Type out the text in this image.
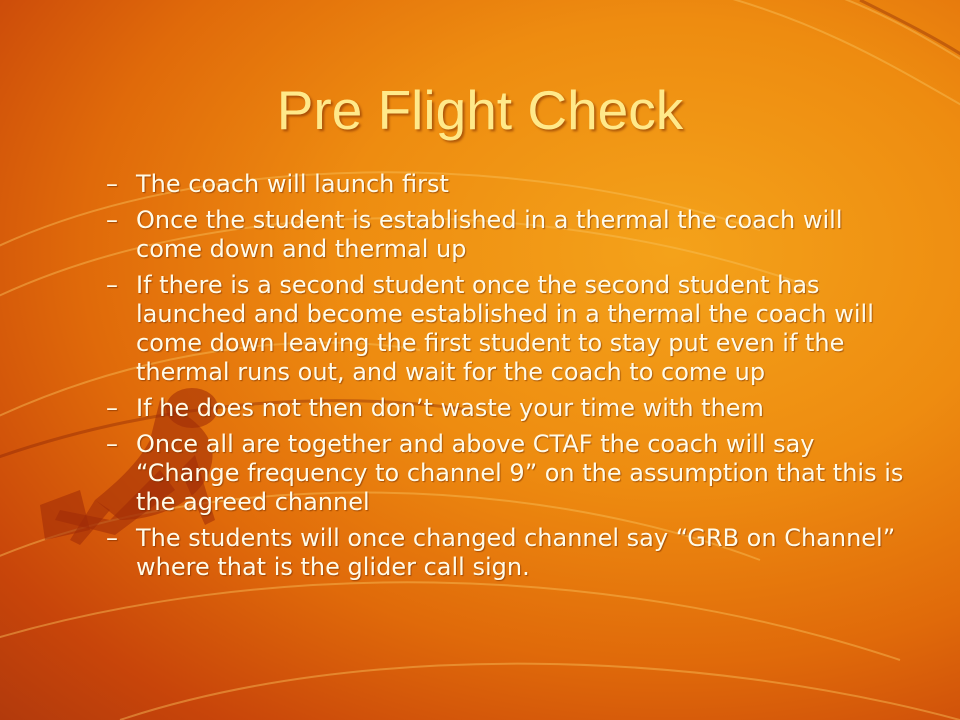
Pre Flight Check
– The coach will launch first
– Once the student is established in a thermal the coach will come down and thermal up
– If there is a second student once the second student has launched and become established in a thermal the coach will come down leaving the first student to stay put even if the thermal runs out, and wait for the coach to come up
– If he does not then don’t waste your time with them
– Once all are together and above CTAF the coach will say “Change frequency to channel 9” on the assumption that this is the agreed channel
– The students will once changed channel say “GRB on Channel” where that is the glider call sign.
